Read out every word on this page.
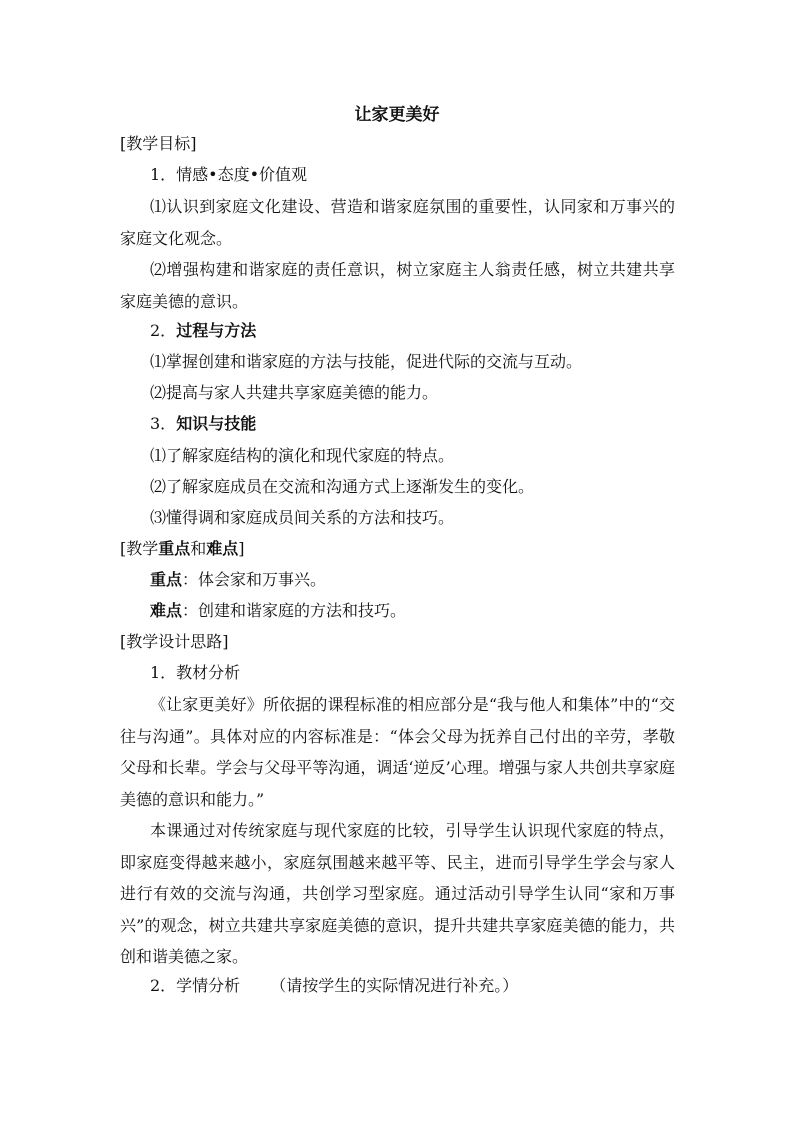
让家更美好
[教学目标]
1．情感•态度•价值观
⑴认识到家庭文化建设、营造和谐家庭氛围的重要性，认同家和万事兴的家庭文化观念。
⑵增强构建和谐家庭的责任意识，树立家庭主人翁责任感，树立共建共享家庭美德的意识。
2．过程与方法
⑴掌握创建和谐家庭的方法与技能，促进代际的交流与互动。
⑵提高与家人共建共享家庭美德的能力。
3．知识与技能
⑴了解家庭结构的演化和现代家庭的特点。
⑵了解家庭成员在交流和沟通方式上逐渐发生的变化。
⑶懂得调和家庭成员间关系的方法和技巧。
[教学重点和难点]
重点：体会家和万事兴。
难点：创建和谐家庭的方法和技巧。
[教学设计思路]
1．教材分析
《让家更美好》所依据的课程标准的相应部分是“我与他人和集体”中的“交往与沟通”。具体对应的内容标准是：“体会父母为抚养自己付出的辛劳，孝敬父母和长辈。学会与父母平等沟通，调适‘逆反’心理。增强与家人共创共享家庭美德的意识和能力。”
本课通过对传统家庭与现代家庭的比较，引导学生认识现代家庭的特点，即家庭变得越来越小，家庭氛围越来越平等、民主，进而引导学生学会与家人进行有效的交流与沟通，共创学习型家庭。通过活动引导学生认同“家和万事兴”的观念，树立共建共享家庭美德的意识，提升共建共享家庭美德的能力，共创和谐美德之家。
2．学情分析 （请按学生的实际情况进行补充。）
